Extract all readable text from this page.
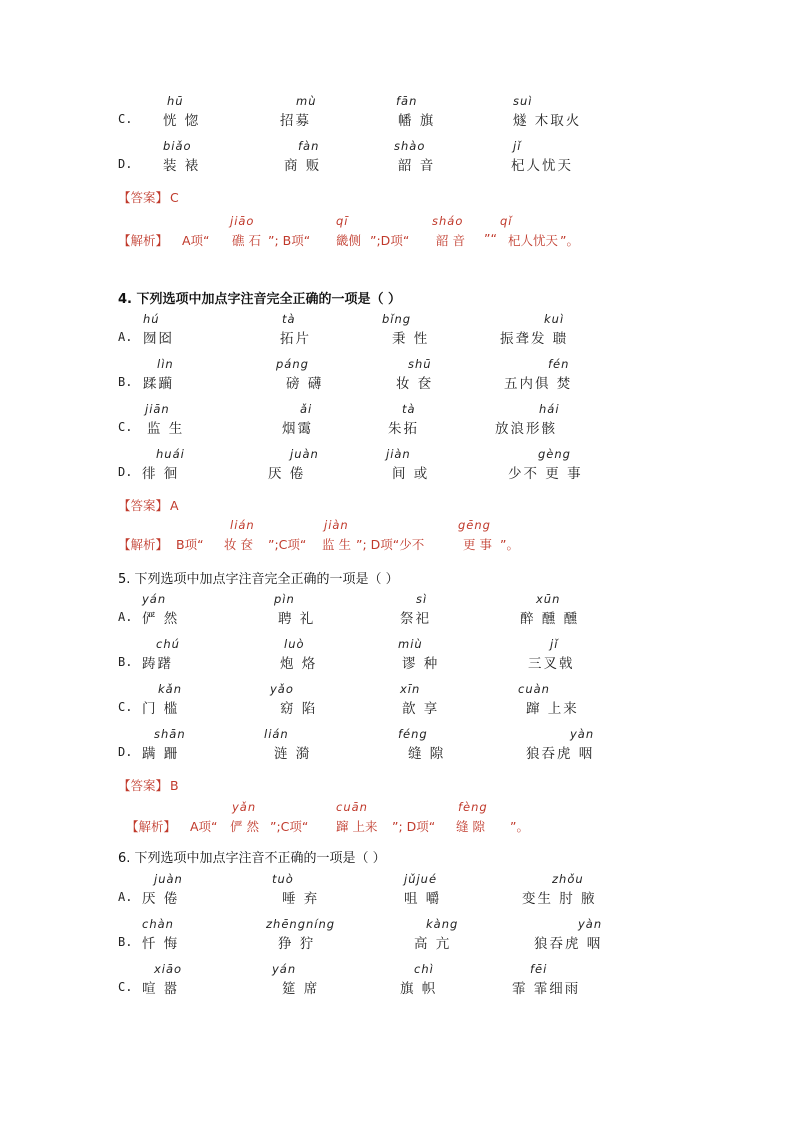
C.
hū
恍 惚
mù
招募
fān
幡 旗
suì
燧 木取火
D.
biǎo
装 裱
fàn
商 贩
shào
韶 音
jǐ
杞人忧天
【答案】 C
【解析】 A项“
jiāo
礁 石 ”; B项“
qī
畿侧 ”;D项“
sháo
韶 音 ”“
qǐ
杞人忧天 ”。
4. 下列选项中加点字注音完全正确的一项是（ ）
A.
hú
囫囵
tà
拓片
bǐng
秉 性
kuì
振聋发 聩
B.
lìn
蹂躏
páng
磅 礴
shū
妆 奁
fén
五内俱 焚
C.
jiān
监 生
ǎi
烟霭
tà
朱拓
hái
放浪形骸
D.
huái
徘 徊
juàn
厌 倦
jiàn
间 或
gèng
少不 更 事
【答案】 A
【解析】 B项“
lián
妆 奁 ”;C项“
jiàn
监 生 ”; D项“少不
gēng
更 事 ”。
5. 下列选项中加点字注音完全正确的一项是（ ）
A.
yán
俨 然
pìn
聘 礼
sì
祭祀
xūn
醉 醺 醺
B.
chú
踌躇
luò
炮 烙
miù
谬 种
jǐ
三叉戟
C.
kǎn
门 槛
yǎo
窈 陷
xīn
歆 享
cuàn
蹿 上来
D.
shān
蹒 跚
lián
涟 漪
féng
缝 隙
yàn
狼吞虎 咽
【答案】 B
【解析】 A项“
yǎn
俨 然 ”;C项“
cuān
蹿 上来 ”; D项“
fèng
缝 隙 ”。
6. 下列选项中加点字注音不正确的一项是（ ）
A.
juàn
厌 倦
tuò
唾 弃
jǔjué
咀 嚼
zhǒu
变生 肘 腋
B.
chàn
忏 悔
zhēngníng
狰 狞
kàng
高 亢
yàn
狼吞虎 咽
C.
xiāo
喧 嚣
yán
筵 席
chì
旗 帜
fēi
霏 霏细雨
